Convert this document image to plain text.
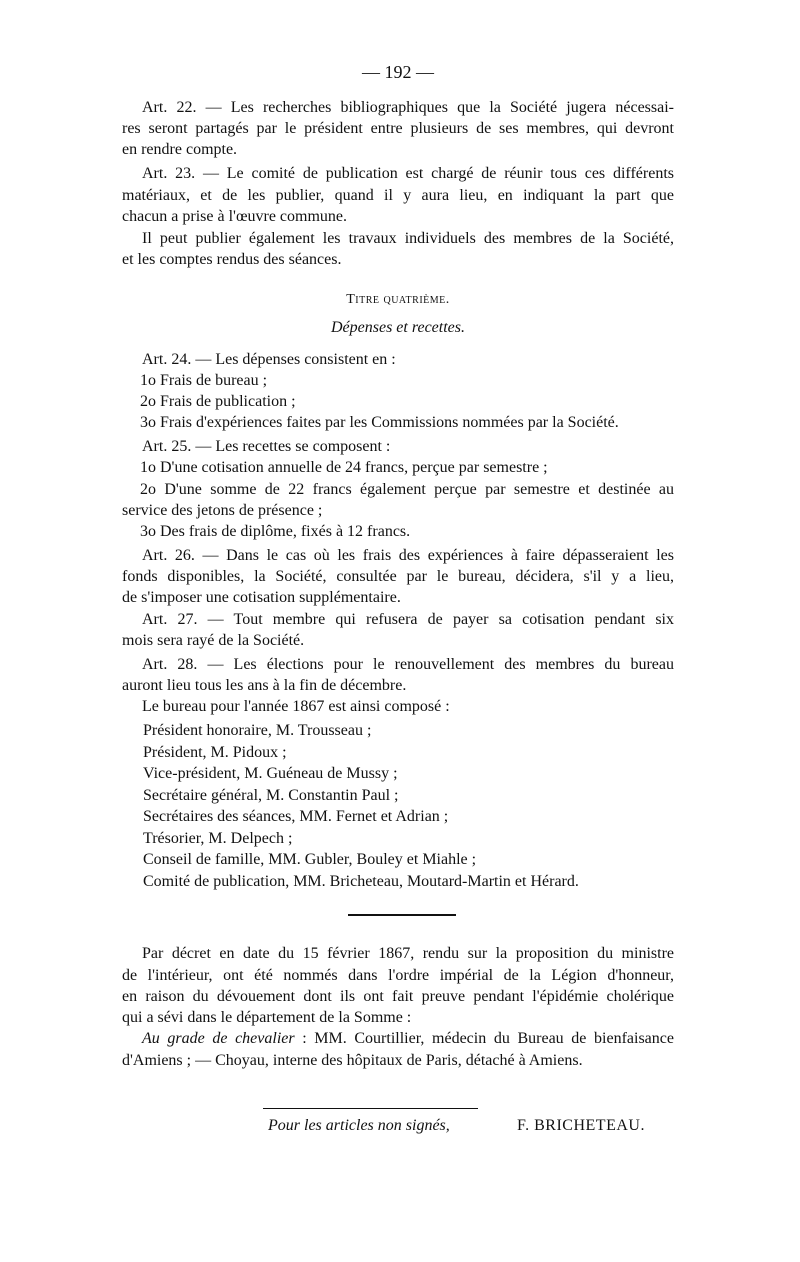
— 192 —
Art. 22. — Les recherches bibliographiques que la Société jugera nécessai-
res seront partagés par le président entre plusieurs de ses membres, qui devront
en rendre compte.
Art. 23. — Le comité de publication est chargé de réunir tous ces différents
matériaux, et de les publier, quand il y aura lieu, en indiquant la part que
chacun a prise à l'œuvre commune.
Il peut publier également les travaux individuels des membres de la Société,
et les comptes rendus des séances.
Titre quatrième.
Dépenses et recettes.
Art. 24. — Les dépenses consistent en :
1o Frais de bureau ;
2o Frais de publication ;
3o Frais d'expériences faites par les Commissions nommées par la Société.
Art. 25. — Les recettes se composent :
1o D'une cotisation annuelle de 24 francs, perçue par semestre ;
2o D'une somme de 22 francs également perçue par semestre et destinée au
service des jetons de présence ;
3o Des frais de diplôme, fixés à 12 francs.
Art. 26. — Dans le cas où les frais des expériences à faire dépasseraient les
fonds disponibles, la Société, consultée par le bureau, décidera, s'il y a lieu,
de s'imposer une cotisation supplémentaire.
Art. 27. — Tout membre qui refusera de payer sa cotisation pendant six
mois sera rayé de la Société.
Art. 28. — Les élections pour le renouvellement des membres du bureau
auront lieu tous les ans à la fin de décembre.
Le bureau pour l'année 1867 est ainsi composé :
Président honoraire, M. Trousseau ;
Président, M. Pidoux ;
Vice-président, M. Guéneau de Mussy ;
Secrétaire général, M. Constantin Paul ;
Secrétaires des séances, MM. Fernet et Adrian ;
Trésorier, M. Delpech ;
Conseil de famille, MM. Gubler, Bouley et Miahle ;
Comité de publication, MM. Bricheteau, Moutard-Martin et Hérard.
Par décret en date du 15 février 1867, rendu sur la proposition du ministre
de l'intérieur, ont été nommés dans l'ordre impérial de la Légion d'honneur,
en raison du dévouement dont ils ont fait preuve pendant l'épidémie cholérique
qui a sévi dans le département de la Somme :
Au grade de chevalier : MM. Courtillier, médecin du Bureau de bienfaisance
d'Amiens ; — Choyau, interne des hôpitaux de Paris, détaché à Amiens.
Pour les articles non signés,	F. BRICHETEAU.
